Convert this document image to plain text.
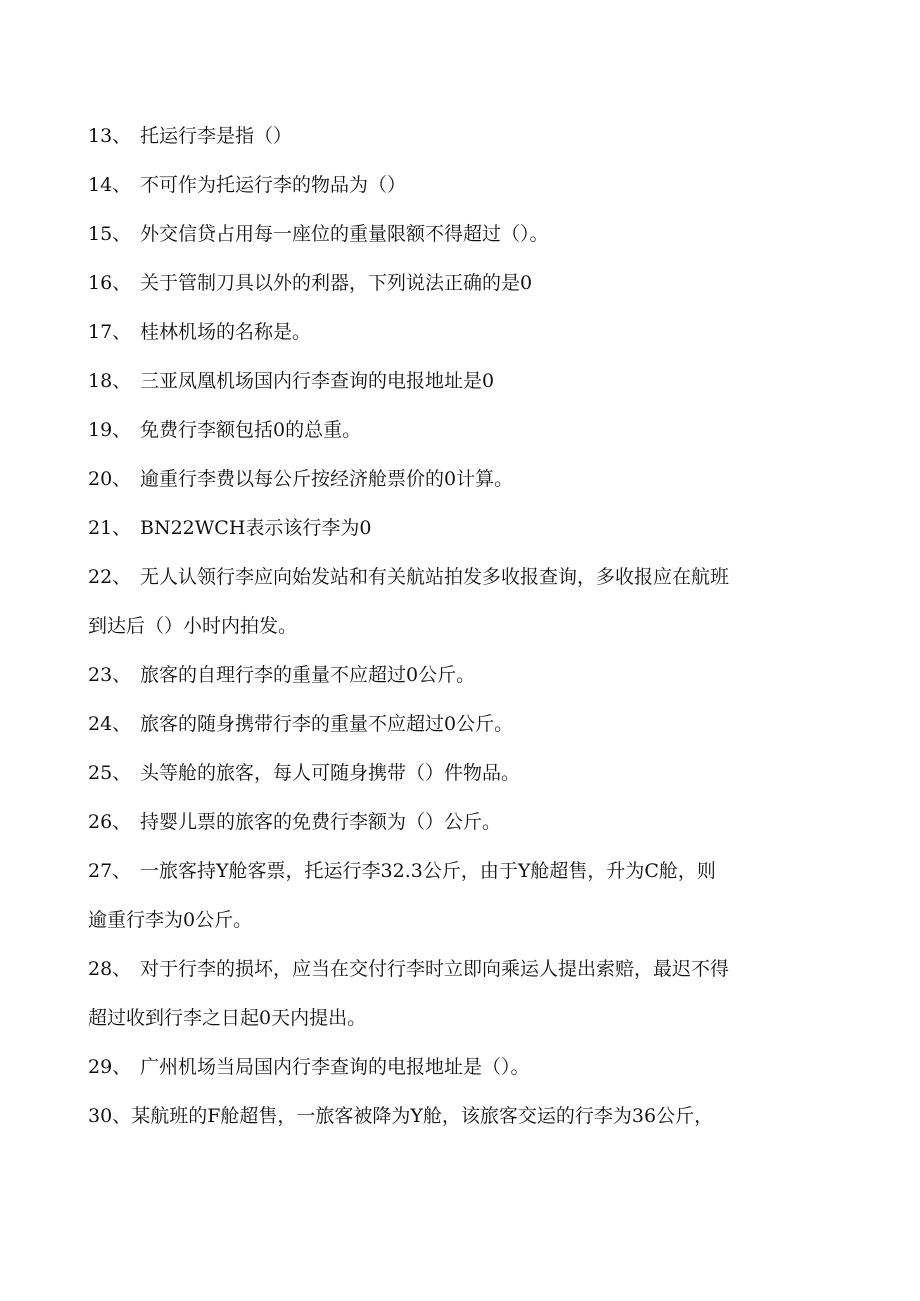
13、 托运行李是指（）
14、 不可作为托运行李的物品为（）
15、 外交信贷占用每一座位的重量限额不得超过（）。
16、 关于管制刀具以外的利器，下列说法正确的是0
17、 桂林机场的名称是。
18、 三亚凤凰机场国内行李查询的电报地址是0
19、 免费行李额包括0的总重。
20、 逾重行李费以每公斤按经济舱票价的0计算。
21、 BN22WCH表示该行李为0
22、 无人认领行李应向始发站和有关航站拍发多收报查询，多收报应在航班
到达后（）小时内拍发。
23、 旅客的自理行李的重量不应超过0公斤。
24、 旅客的随身携带行李的重量不应超过0公斤。
25、 头等舱的旅客，每人可随身携带（）件物品。
26、 持婴儿票的旅客的免费行李额为（）公斤。
27、 一旅客持Y舱客票，托运行李32.3公斤，由于Y舱超售，升为C舱，则
逾重行李为0公斤。
28、 对于行李的损坏，应当在交付行李时立即向乘运人提出索赔，最迟不得
超过收到行李之日起0天内提出。
29、 广州机场当局国内行李查询的电报地址是（）。
30、某航班的F舱超售，一旅客被降为Y舱，该旅客交运的行李为36公斤，
